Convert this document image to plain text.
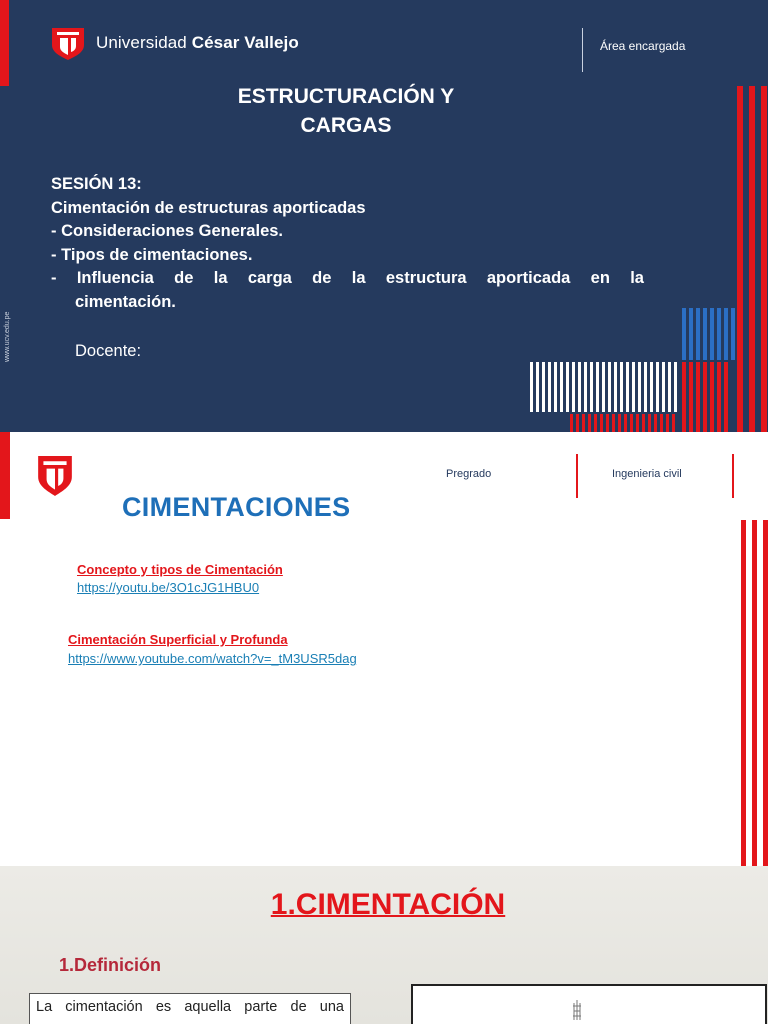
Universidad César Vallejo	Área encargada
ESTRUCTURACIÓN Y
CARGAS
SESIÓN 13:
Cimentación de estructuras aporticadas
- Consideraciones Generales.
- Tipos de cimentaciones.
- Influencia de la carga de la estructura aporticada en la
cimentación.
Docente:
www.ucv.edu.pe
Pregrado	Ingenieria civil
CIMENTACIONES
Concepto y tipos de Cimentación
https://youtu.be/3O1cJG1HBU0
Cimentación Superficial y Profunda
https://www.youtube.com/watch?v=_tM3USR5dag
1.CIMENTACIÓN
1.Definición
La cimentación es aquella parte de una
